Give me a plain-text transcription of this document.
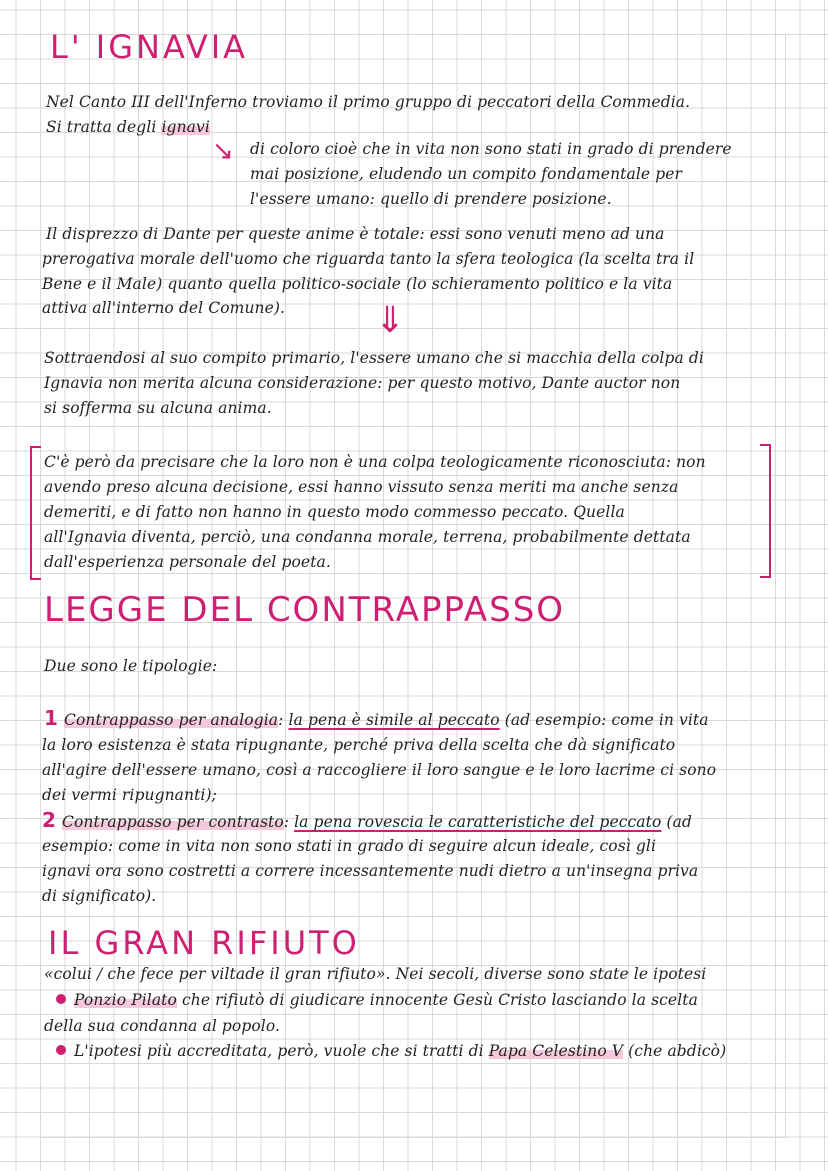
L' IGNAVIA
Nel Canto III dell'Inferno troviamo il primo gruppo di peccatori della Commedia.
Si tratta degli ignavi
↘ di coloro cioè che in vita non sono stati in grado di prendere
mai posizione, eludendo un compito fondamentale per
l'essere umano: quello di prendere posizione.
Il disprezzo di Dante per queste anime è totale: essi sono venuti meno ad una
prerogativa morale dell'uomo che riguarda tanto la sfera teologica (la scelta tra il
Bene e il Male) quanto quella politico-sociale (lo schieramento politico e la vita
attiva all'interno del Comune). ⇓
Sottraendosi al suo compito primario, l'essere umano che si macchia della colpa di
Ignavia non merita alcuna considerazione: per questo motivo, Dante auctor non
si sofferma su alcuna anima.
C'è però da precisare che la loro non è una colpa teologicamente riconosciuta: non
avendo preso alcuna decisione, essi hanno vissuto senza meriti ma anche senza
demeriti, e di fatto non hanno in questo modo commesso peccato. Quella
all'Ignavia diventa, perciò, una condanna morale, terrena, probabilmente dettata
dall'esperienza personale del poeta.
LEGGE DEL CONTRAPPASSO
Due sono le tipologie:
1 Contrappasso per analogia: la pena è simile al peccato (ad esempio: come in vita
la loro esistenza è stata ripugnante, perché priva della scelta che dà significato
all'agire dell'essere umano, così a raccogliere il loro sangue e le loro lacrime ci sono
dei vermi ripugnanti);
2 Contrappasso per contrasto: la pena rovescia le caratteristiche del peccato (ad
esempio: come in vita non sono stati in grado di seguire alcun ideale, così gli
ignavi ora sono costretti a correre incessantemente nudi dietro a un'insegna priva
di significato).
IL GRAN RIFIUTO
«colui / che fece per viltade il gran rifiuto». Nei secoli, diverse sono state le ipotesi
Ponzio Pilato che rifiutò di giudicare innocente Gesù Cristo lasciando la scelta
della sua condanna al popolo.
L'ipotesi più accreditata, però, vuole che si tratti di Papa Celestino V (che abdicò)
